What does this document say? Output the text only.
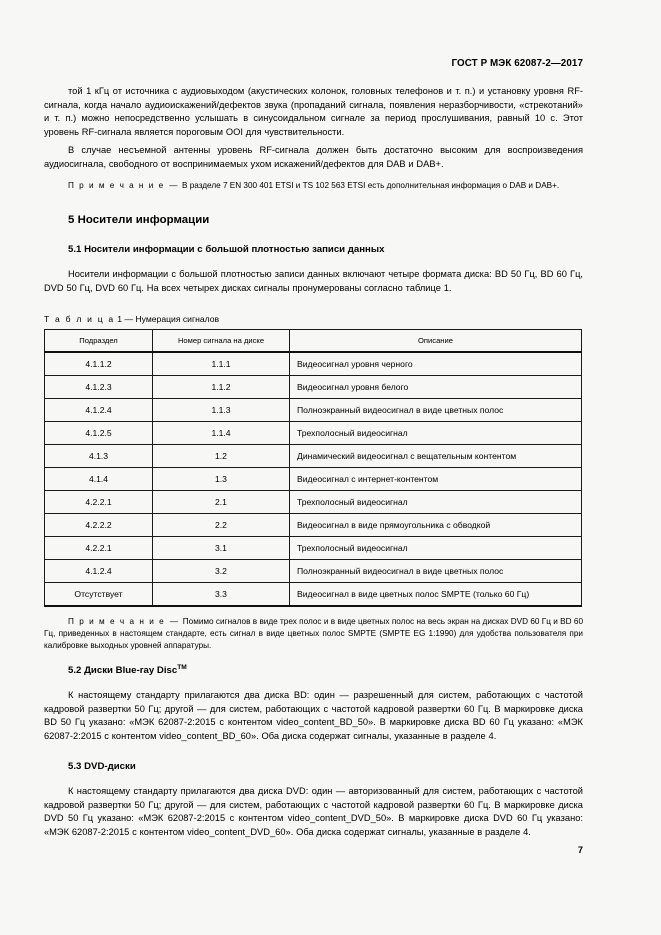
ГОСТ Р МЭК 62087-2—2017

той 1 кГц от источника с аудиовыходом (акустических колонок, головных телефонов и т. п.) и установку уровня RF-сигнала, когда начало аудиоискажений/дефектов звука (пропаданий сигнала, появления неразборчивости, «стрекотаний» и т. п.) можно непосредственно услышать в синусоидальном сигнале за период прослушивания, равный 10 с. Этот уровень RF-сигнала является пороговым OOI для чувствительности.

В случае несъемной антенны уровень RF-сигнала должен быть достаточно высоким для воспроизведения аудиосигнала, свободного от воспринимаемых ухом искажений/дефектов для DAB и DAB+.

П р и м е ч а н и е — В разделе 7 EN 300 401 ETSI и TS 102 563 ETSI есть дополнительная информация о DAB и DAB+.

5 Носители информации
5.1 Носители информации с большой плотностью записи данных

Носители информации с большой плотностью записи данных включают четыре формата диска: BD 50 Гц, BD 60 Гц, DVD 50 Гц, DVD 60 Гц. На всех четырех дисках сигналы пронумерованы согласно таблице 1.

Т а б л и ц а 1 — Нумерация сигналов

Подраздел	Номер сигнала на диске	Описание
4.1.1.2	1.1.1	Видеосигнал уровня черного
4.1.2.3	1.1.2	Видеосигнал уровня белого
4.1.2.4	1.1.3	Полноэкранный видеосигнал в виде цветных полос
4.1.2.5	1.1.4	Трехполосный видеосигнал
4.1.3	1.2	Динамический видеосигнал с вещательным контентом
4.1.4	1.3	Видеосигнал с интернет-контентом
4.2.2.1	2.1	Трехполосный видеосигнал
4.2.2.2	2.2	Видеосигнал в виде прямоугольника с обводкой
4.2.2.1	3.1	Трехполосный видеосигнал
4.1.2.4	3.2	Полноэкранный видеосигнал в виде цветных полос
Отсутствует	3.3	Видеосигнал в виде цветных полос SMPTE (только 60 Гц)

П р и м е ч а н и е — Помимо сигналов в виде трех полос и в виде цветных полос на весь экран на дисках DVD 60 Гц и BD 60 Гц, приведенных в настоящем стандарте, есть сигнал в виде цветных полос SMPTE (SMPTE EG 1:1990) для удобства пользователя при калибровке выходных уровней аппаратуры.

5.2 Диски Blue-ray Disc™

К настоящему стандарту прилагаются два диска BD: один — разрешенный для систем, работающих с частотой кадровой развертки 50 Гц; другой — для систем, работающих с частотой кадровой развертки 60 Гц. В маркировке диска BD 50 Гц указано: «МЭК 62087-2:2015 с контентом video_content_BD_50». В маркировке диска BD 60 Гц указано: «МЭК 62087-2:2015 с контентом video_content_BD_60». Оба диска содержат сигналы, указанные в разделе 4.

5.3 DVD-диски

К настоящему стандарту прилагаются два диска DVD: один — авторизованный для систем, работающих с частотой кадровой развертки 50 Гц; другой — для систем, работающих с частотой кадровой развертки 60 Гц. В маркировке диска DVD 50 Гц указано: «МЭК 62087-2:2015 с контентом video_content_DVD_50». В маркировке диска DVD 60 Гц указано: «МЭК 62087-2:2015 с контентом video_content_DVD_60». Оба диска содержат сигналы, указанные в разделе 4.

7
